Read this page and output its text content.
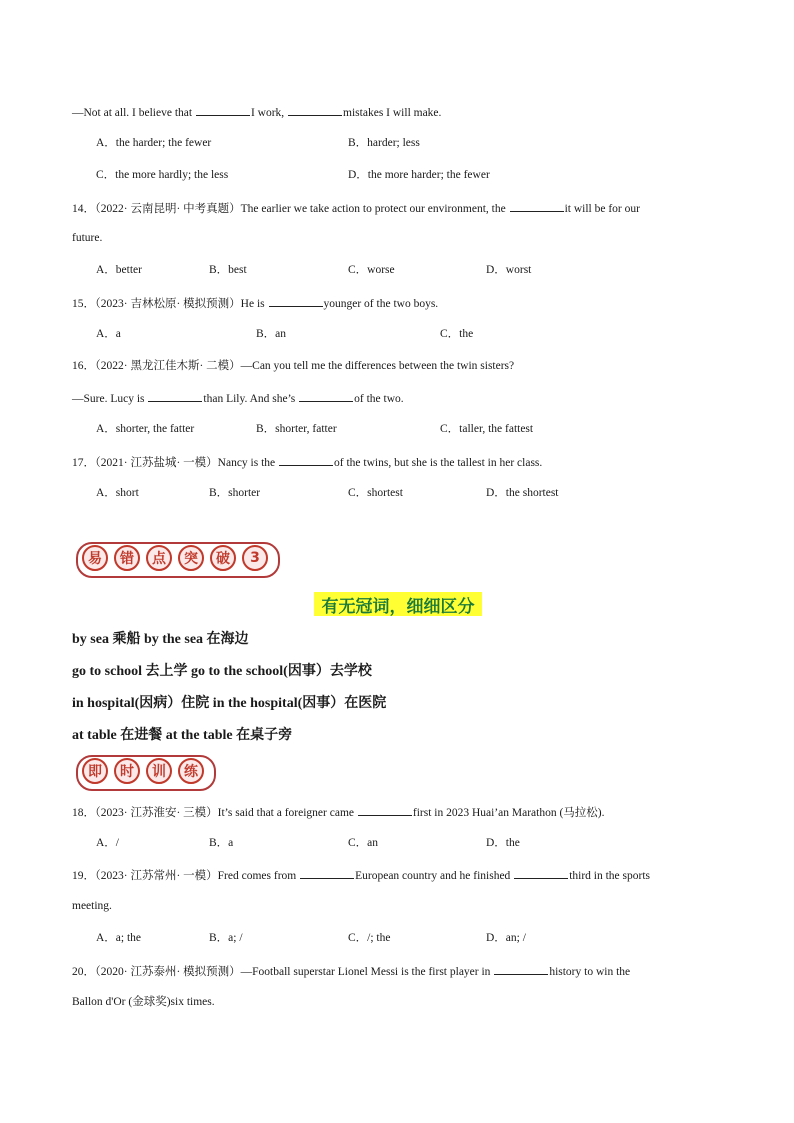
—Not at all. I believe that	I work,	mistakes I will make.
A．the harder; the fewer	B．harder; less
C．the more hardly; the less	D．the more harder; the fewer
14．（2022· 云南昆明· 中考真题）The earlier we take action to protect our environment, the	it will be for our
future.
A．better	B．best	C．worse	D．worst
15．（2023· 吉林松原· 模拟预测）He is	younger of the two boys.
A．a	B．an	C．the
16．（2022· 黑龙江佳木斯· 二模）—Can you tell me the differences between the twin sisters?
—Sure. Lucy is	than Lily. And she’s	of the two.
A．shorter, the fatter	B．shorter, fatter	C．taller, the fattest
17．（2021· 江苏盐城· 一模）Nancy is the	of the twins, but she is the tallest in her class.
A．short	B．shorter	C．shortest	D．the shortest
易	错	点	突	破	3
有无冠词，细细区分
by sea 乘船 by the sea 在海边
go to school 去上学 go to the school(因事）去学校
in hospital(因病）住院 in the hospital(因事）在医院
at table 在进餐 at the table 在桌子旁
即	时	训	练
18．（2023· 江苏淮安· 三模）It’s said that a foreigner came	first in 2023 Huai’an Marathon (马拉松).
A．/	B．a	C．an	D．the
19．（2023· 江苏常州· 一模）Fred comes from	European country and he finished	third in the sports
meeting.
A．a; the	B．a; /	C．/; the	D．an; /
20．（2020· 江苏泰州· 模拟预测）—Football superstar Lionel Messi is the first player in	history to win the
Ballon d'Or (金球奖)six times.
